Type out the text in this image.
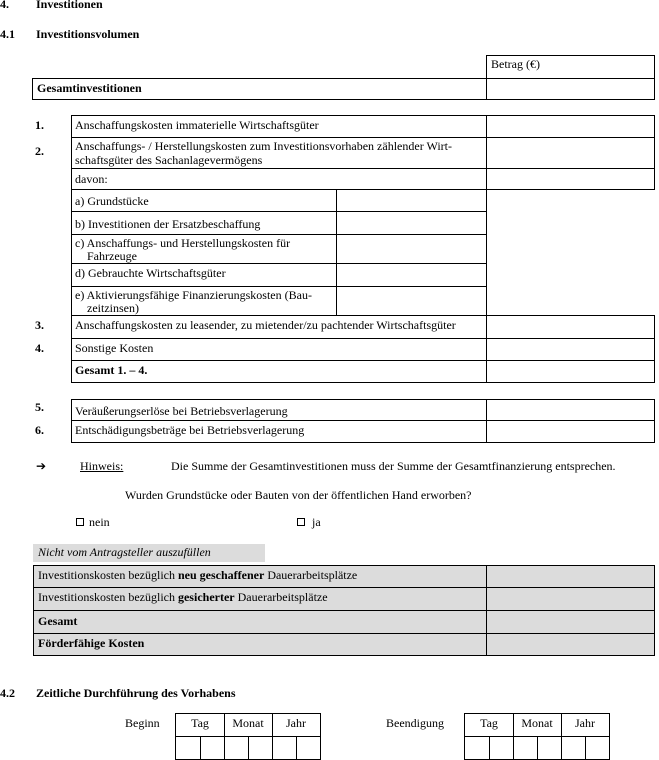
4. Investitionen
4.1 Investitionsvolumen
Betrag (€)
Gesamtinvestitionen
1.	Anschaffungskosten immaterielle Wirtschaftsgüter
2.	Anschaffungs- / Herstellungskosten zum Investitionsvorhaben zählender Wirt-
schaftsgüter des Sachanlagevermögens
davon:
a) Grundstücke
b) Investitionen der Ersatzbeschaffung
c) Anschaffungs- und Herstellungskosten für
Fahrzeuge
d) Gebrauchte Wirtschaftsgüter
e) Aktivierungsfähige Finanzierungskosten (Bau-
zeitzinsen)
3.	Anschaffungskosten zu leasender, zu mietender/zu pachtender Wirtschaftsgüter
4.	Sonstige Kosten
Gesamt 1. – 4.
5.	Veräußerungserlöse bei Betriebsverlagerung
6.	Entschädigungsbeträge bei Betriebsverlagerung
➔	Hinweis:	Die Summe der Gesamtinvestitionen muss der Summe der Gesamtfinanzierung entsprechen.
Wurden Grundstücke oder Bauten von der öffentlichen Hand erworben?
nein	ja
Nicht vom Antragsteller auszufüllen
Investitionskosten bezüglich neu geschaffener Dauerarbeitsplätze
Investitionskosten bezüglich gesicherter Dauerarbeitsplätze
Gesamt
Förderfähige Kosten
4.2 Zeitliche Durchführung des Vorhabens
Beginn	Tag	Monat	Jahr	Beendigung	Tag	Monat	Jahr
